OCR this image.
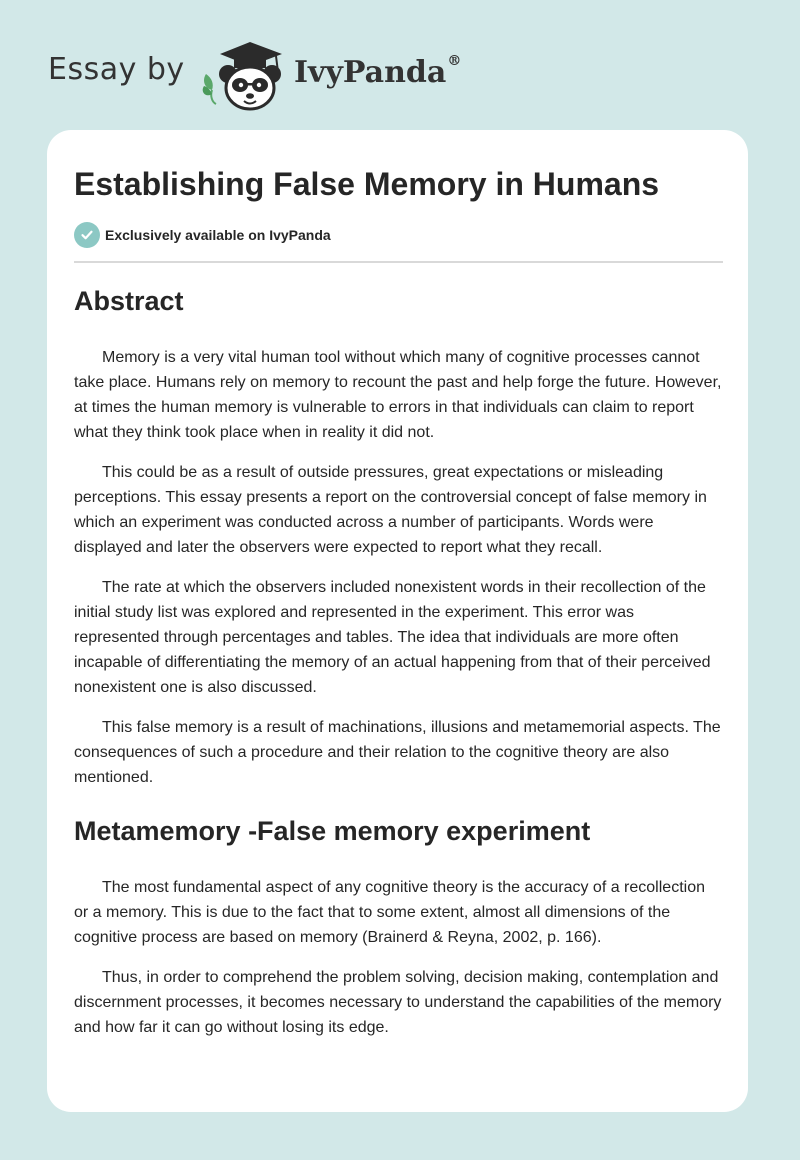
Essay by	IvyPanda®
Establishing False Memory in Humans
Exclusively available on IvyPanda
Abstract

Memory is a very vital human tool without which many of cognitive processes cannot take place. Humans rely on memory to recount the past and help forge the future. However, at times the human memory is vulnerable to errors in that individuals can claim to report what they think took place when in reality it did not.

This could be as a result of outside pressures, great expectations or misleading perceptions. This essay presents a report on the controversial concept of false memory in which an experiment was conducted across a number of participants. Words were displayed and later the observers were expected to report what they recall.

The rate at which the observers included nonexistent words in their recollection of the initial study list was explored and represented in the experiment. This error was represented through percentages and tables. The idea that individuals are more often incapable of differentiating the memory of an actual happening from that of their perceived nonexistent one is also discussed.

This false memory is a result of machinations, illusions and metamemorial aspects. The consequences of such a procedure and their relation to the cognitive theory are also mentioned.

Metamemory -False memory experiment

The most fundamental aspect of any cognitive theory is the accuracy of a recollection or a memory. This is due to the fact that to some extent, almost all dimensions of the cognitive process are based on memory (Brainerd & Reyna, 2002, p. 166).

Thus, in order to comprehend the problem solving, decision making, contemplation and discernment processes, it becomes necessary to understand the capabilities of the memory and how far it can go without losing its edge.
